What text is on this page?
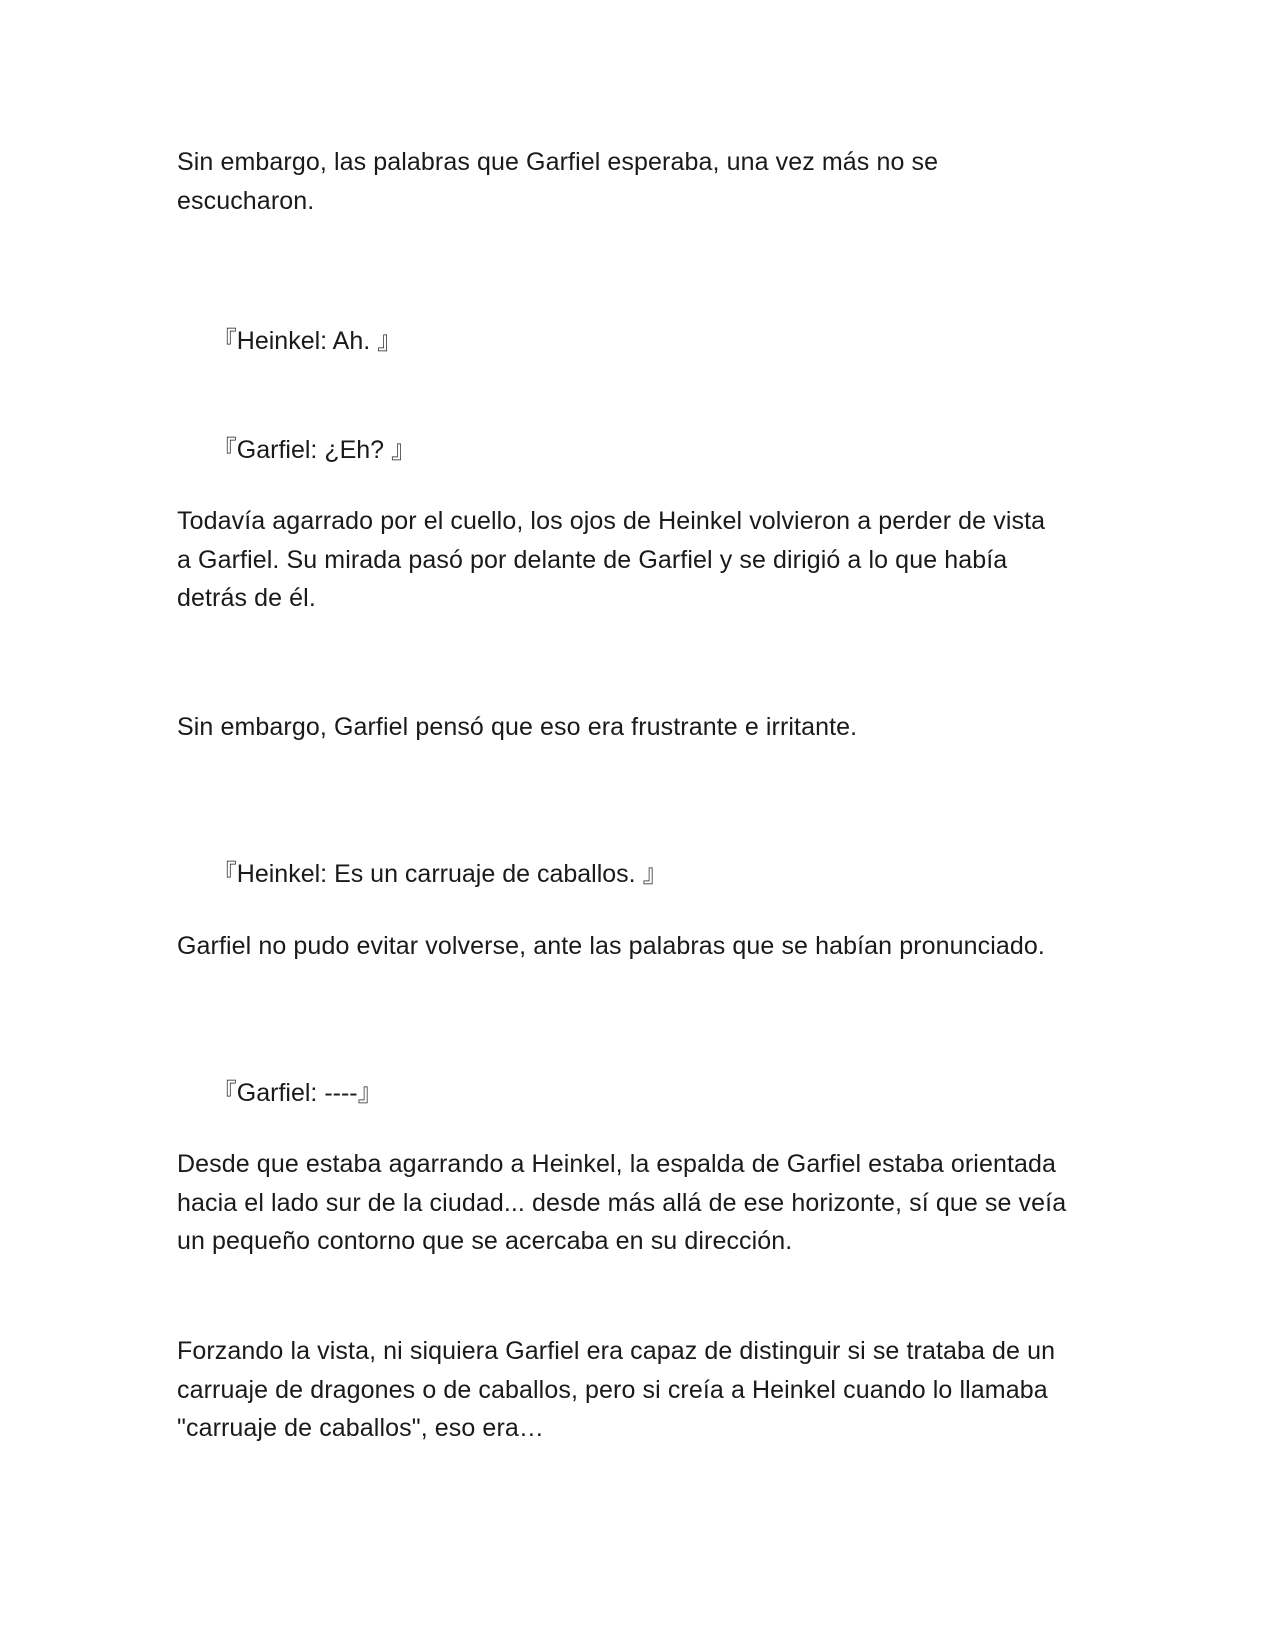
Sin embargo, las palabras que Garfiel esperaba, una vez más no se
escucharon.

『Heinkel: Ah. 』

『Garfiel: ¿Eh? 』

Todavía agarrado por el cuello, los ojos de Heinkel volvieron a perder de vista
a Garfiel. Su mirada pasó por delante de Garfiel y se dirigió a lo que había
detrás de él.

Sin embargo, Garfiel pensó que eso era frustrante e irritante.

『Heinkel: Es un carruaje de caballos. 』

Garfiel no pudo evitar volverse, ante las palabras que se habían pronunciado.

『Garfiel: ----』

Desde que estaba agarrando a Heinkel, la espalda de Garfiel estaba orientada
hacia el lado sur de la ciudad... desde más allá de ese horizonte, sí que se veía
un pequeño contorno que se acercaba en su dirección.

Forzando la vista, ni siquiera Garfiel era capaz de distinguir si se trataba de un
carruaje de dragones o de caballos, pero si creía a Heinkel cuando lo llamaba
"carruaje de caballos", eso era…
